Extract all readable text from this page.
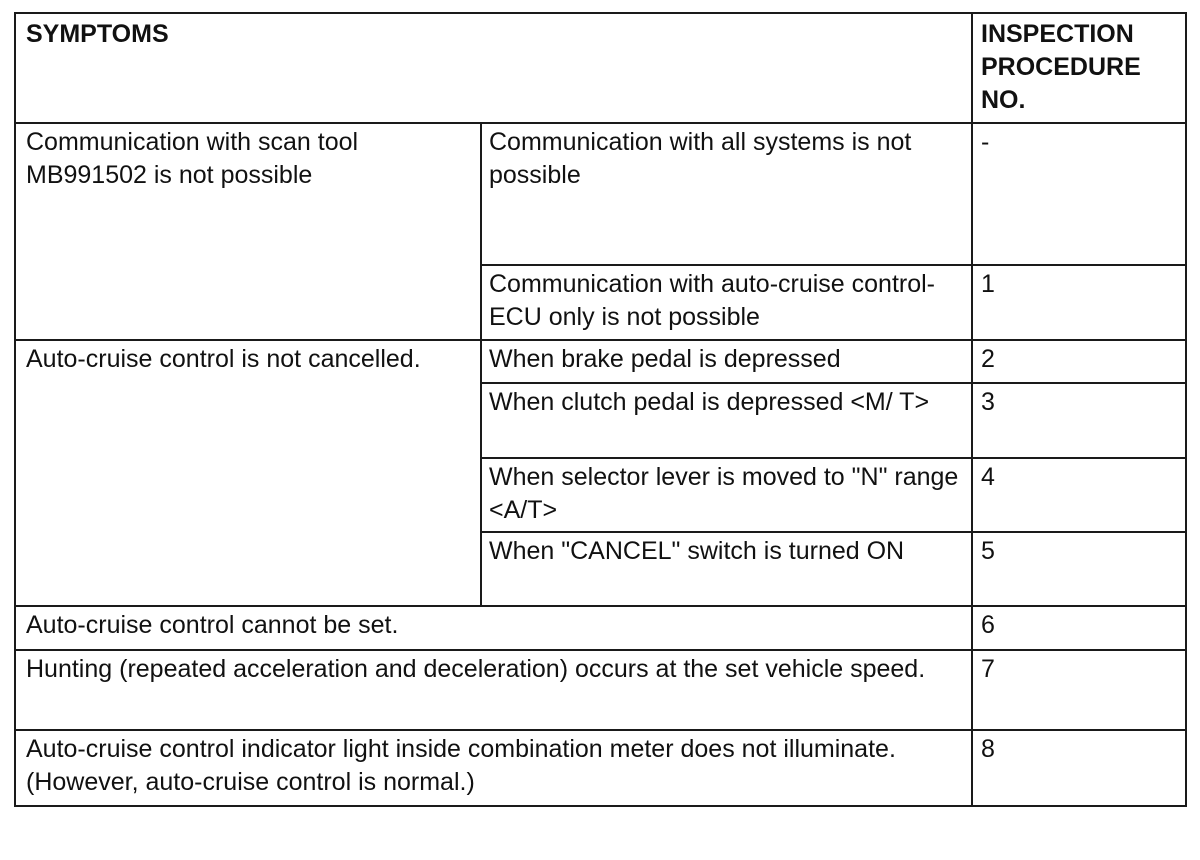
SYMPTOMS		INSPECTION PROCEDURE NO.
Communication with scan tool MB991502 is not possible	Communication with all systems is not possible	-
	Communication with auto-cruise control-ECU only is not possible	1
Auto-cruise control is not cancelled.	When brake pedal is depressed	2
	When clutch pedal is depressed <M/ T>	3
	When selector lever is moved to "N" range <A/T>	4
	When "CANCEL" switch is turned ON	5
Auto-cruise control cannot be set.		6
Hunting (repeated acceleration and deceleration) occurs at the set vehicle speed.		7
Auto-cruise control indicator light inside combination meter does not illuminate. (However, auto-cruise control is normal.)		8
